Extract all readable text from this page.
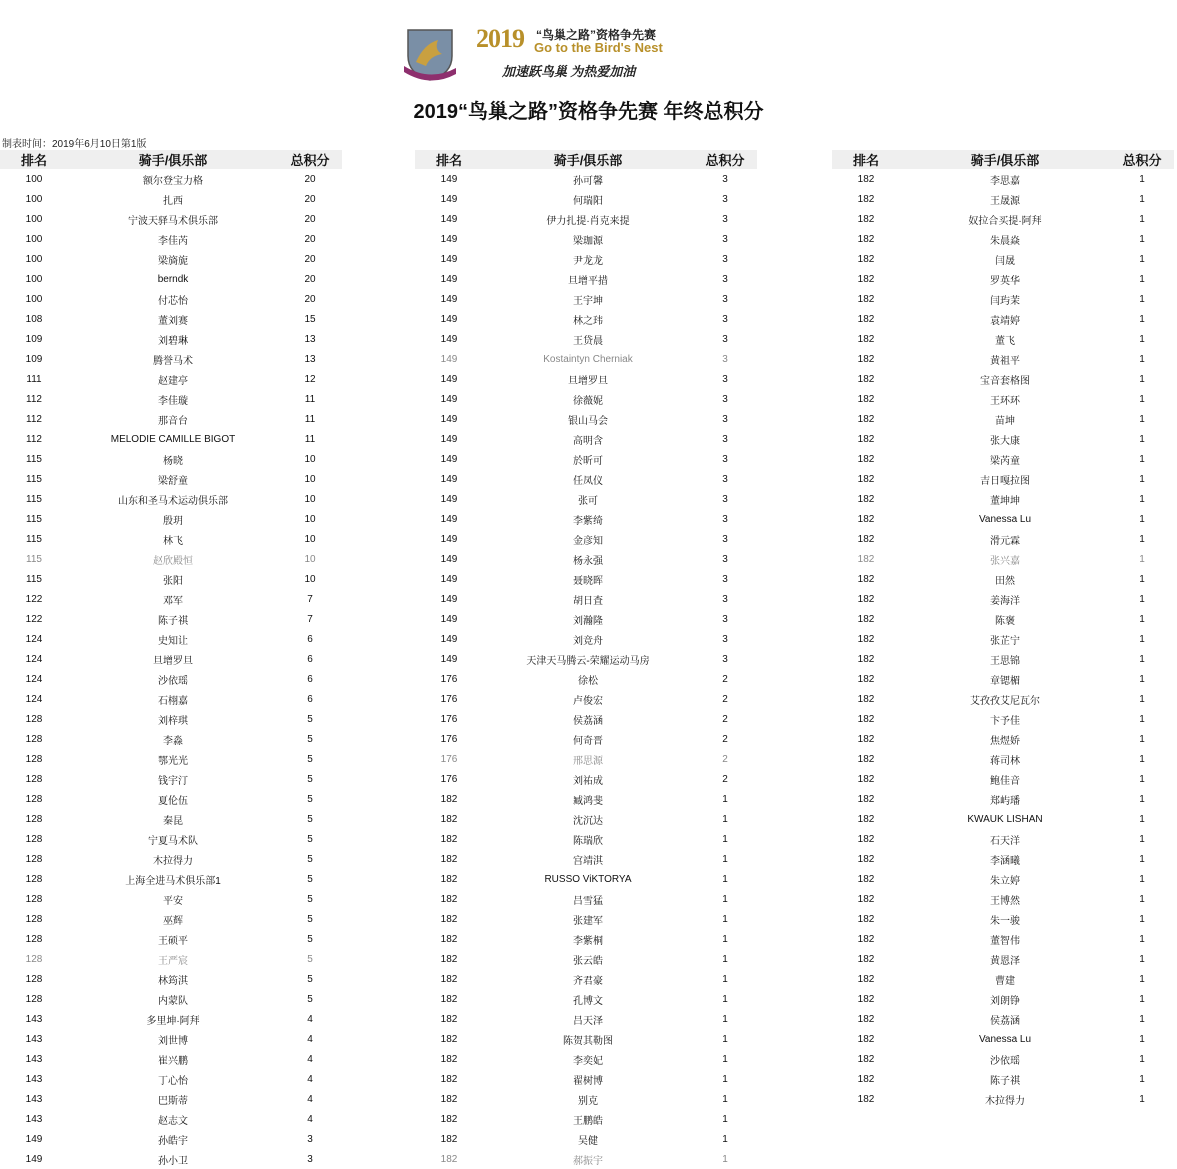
2019 “鸟巢之路”资格争先赛
Go to the Bird's Nest
加速跃鸟巢 为热爱加油
2019“鸟巢之路”资格争先赛 年终总积分
制表时间：2019年6月10日第1版
排名	骑手/俱乐部	总积分
100	额尔登宝力格	20
100	扎西	20
100	宁波天驿马术俱乐部	20
100	李佳芮	20
100	梁旖旎	20
100	berndk	20
100	付芯怡	20
108	董刘赛	15
109	刘碧琳	13
109	腾誉马术	13
111	赵建亭	12
112	李佳璇	11
112	那音台	11
112	MELODIE CAMILLE BIGOT	11
115	杨晓	10
115	梁舒童	10
115	山东和圣马术运动俱乐部	10
115	殷玥	10
115	林飞	10
115	赵欣殿恒	10
115	张阳	10
122	邓军	7
122	陈子祺	7
124	史知让	6
124	旦增罗旦	6
124	沙依瑶	6
124	石栩嘉	6
128	刘梓琪	5
128	李淼	5
128	鄂光光	5
128	钱宇汀	5
128	夏伦伍	5
128	秦昆	5
128	宁夏马术队	5
128	木拉得力	5
128	上海全进马术俱乐部1	5
128	平安	5
128	巫辉	5
128	王硕平	5
128	王严宸	5
128	林筠淇	5
128	内蒙队	5
143	多里坤·阿拜	4
143	刘世博	4
143	崔兴鹏	4
143	丁心怡	4
143	巴斯蒂	4
143	赵志文	4
149	孙皓宇	3
149	孙小卫	3
排名	骑手/俱乐部	总积分
149	孙可馨	3
149	何瑞阳	3
149	伊力扎提·肖克来提	3
149	梁珈源	3
149	尹龙龙	3
149	旦增平措	3
149	王宇坤	3
149	林之玮	3
149	王贷晨	3
149	Kostaintyn Cherniak	3
149	旦增罗旦	3
149	徐薇妮	3
149	银山马会	3
149	高明含	3
149	於昕可	3
149	任凤仪	3
149	张可	3
149	李紫绮	3
149	金彦知	3
149	杨永强	3
149	聂晓晖	3
149	胡日査	3
149	刘瀚隆	3
149	刘竞舟	3
149	天津天马腾云-荣耀运动马房	3
176	徐松	2
176	卢俊宏	2
176	侯荔涵	2
176	何奇晋	2
176	邢思源	2
176	刘祐成	2
182	臧鸿斐	1
182	沈沉达	1
182	陈瑞欣	1
182	宫靖淇	1
182	RUSSO ViKTORYA	1
182	吕雪猛	1
182	张建军	1
182	李紫桐	1
182	张云皓	1
182	齐君豪	1
182	孔博文	1
182	吕天泽	1
182	陈贺其勒图	1
182	李奕妃	1
182	翟树博	1
182	别克	1
182	王鹏皓	1
182	吴健	1
182	郝振宇	1
排名	骑手/俱乐部	总积分
182	李思嘉	1
182	王晟源	1
182	奴拉合买提·阿拜	1
182	朱晨焱	1
182	闫晟	1
182	罗英华	1
182	闫玙茉	1
182	袁靖婷	1
182	董飞	1
182	黄祖平	1
182	宝音套格图	1
182	王环环	1
182	苗坤	1
182	张大康	1
182	梁芮童	1
182	吉日嘎拉图	1
182	董坤坤	1
182	Vanessa Lu	1
182	滑元霖	1
182	张兴嘉	1
182	田然	1
182	姜海洋	1
182	陈褒	1
182	张芷宁	1
182	王思锦	1
182	章锶楣	1
182	艾孜孜艾尼瓦尔	1
182	卞予佳	1
182	焦煜娇	1
182	蒋司林	1
182	鲍佳音	1
182	郑屿璠	1
182	KWAUK LISHAN	1
182	石天洋	1
182	李涵曦	1
182	朱立婷	1
182	王博然	1
182	朱一骏	1
182	董智伟	1
182	黄恩泽	1
182	曹建	1
182	刘朗铮	1
182	侯荔涵	1
182	Vanessa Lu	1
182	沙依瑶	1
182	陈子祺	1
182	木拉得力	1
